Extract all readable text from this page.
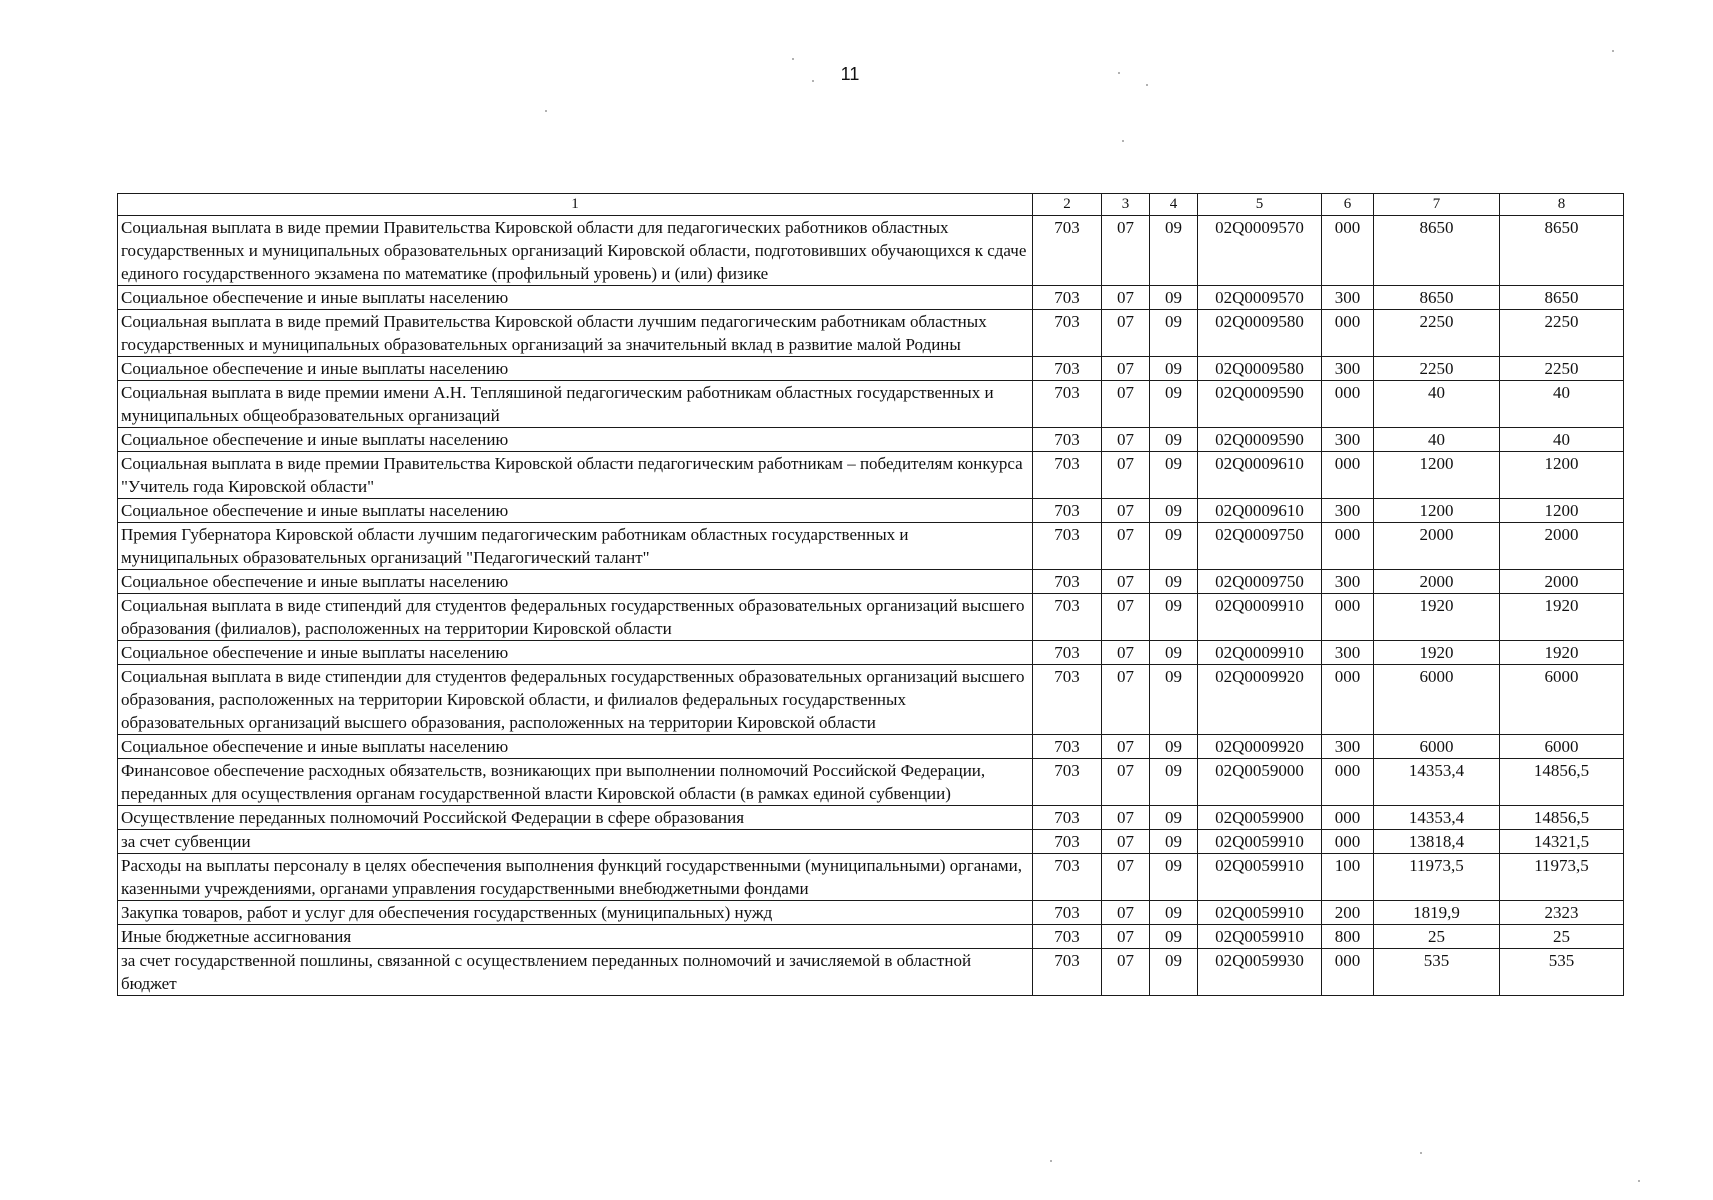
11
1	2	3	4	5	6	7	8
Социальная выплата в виде премии Правительства Кировской области для педагогических работников областных государственных и муниципальных образовательных организаций Кировской области, подготовивших обучающихся к сдаче единого государственного экзамена по математике (профильный уровень) и (или) физике	703	07	09	02Q0009570	000	8650	8650
Социальное обеспечение и иные выплаты населению	703	07	09	02Q0009570	300	8650	8650
Социальная выплата в виде премий Правительства Кировской области лучшим педагогическим работникам областных государственных и муниципальных образовательных организаций за значительный вклад в развитие малой Родины	703	07	09	02Q0009580	000	2250	2250
Социальное обеспечение и иные выплаты населению	703	07	09	02Q0009580	300	2250	2250
Социальная выплата в виде премии имени А.Н. Тепляшиной педагогическим работникам областных государственных и муниципальных общеобразовательных организаций	703	07	09	02Q0009590	000	40	40
Социальное обеспечение и иные выплаты населению	703	07	09	02Q0009590	300	40	40
Социальная выплата в виде премии Правительства Кировской области педагогическим работникам – победителям конкурса "Учитель года Кировской области"	703	07	09	02Q0009610	000	1200	1200
Социальное обеспечение и иные выплаты населению	703	07	09	02Q0009610	300	1200	1200
Премия Губернатора Кировской области лучшим педагогическим работникам областных государственных и муниципальных образовательных организаций "Педагогический талант"	703	07	09	02Q0009750	000	2000	2000
Социальное обеспечение и иные выплаты населению	703	07	09	02Q0009750	300	2000	2000
Социальная выплата в виде стипендий для студентов федеральных государственных образовательных организаций высшего образования (филиалов), расположенных на территории Кировской области	703	07	09	02Q0009910	000	1920	1920
Социальное обеспечение и иные выплаты населению	703	07	09	02Q0009910	300	1920	1920
Социальная выплата в виде стипендии для студентов федеральных государственных образовательных организаций высшего образования, расположенных на территории Кировской области, и филиалов федеральных государственных образовательных организаций высшего образования, расположенных на территории Кировской области	703	07	09	02Q0009920	000	6000	6000
Социальное обеспечение и иные выплаты населению	703	07	09	02Q0009920	300	6000	6000
Финансовое обеспечение расходных обязательств, возникающих при выполнении полномочий Российской Федерации, переданных для осуществления органам государственной власти Кировской области (в рамках единой субвенции)	703	07	09	02Q0059000	000	14353,4	14856,5
Осуществление переданных полномочий Российской Федерации в сфере образования	703	07	09	02Q0059900	000	14353,4	14856,5
за счет субвенции	703	07	09	02Q0059910	000	13818,4	14321,5
Расходы на выплаты персоналу в целях обеспечения выполнения функций государственными (муниципальными) органами, казенными учреждениями, органами управления государственными внебюджетными фондами	703	07	09	02Q0059910	100	11973,5	11973,5
Закупка товаров, работ и услуг для обеспечения государственных (муниципальных) нужд	703	07	09	02Q0059910	200	1819,9	2323
Иные бюджетные ассигнования	703	07	09	02Q0059910	800	25	25
за счет государственной пошлины, связанной с осуществлением переданных полномочий и зачисляемой в областной бюджет	703	07	09	02Q0059930	000	535	535
